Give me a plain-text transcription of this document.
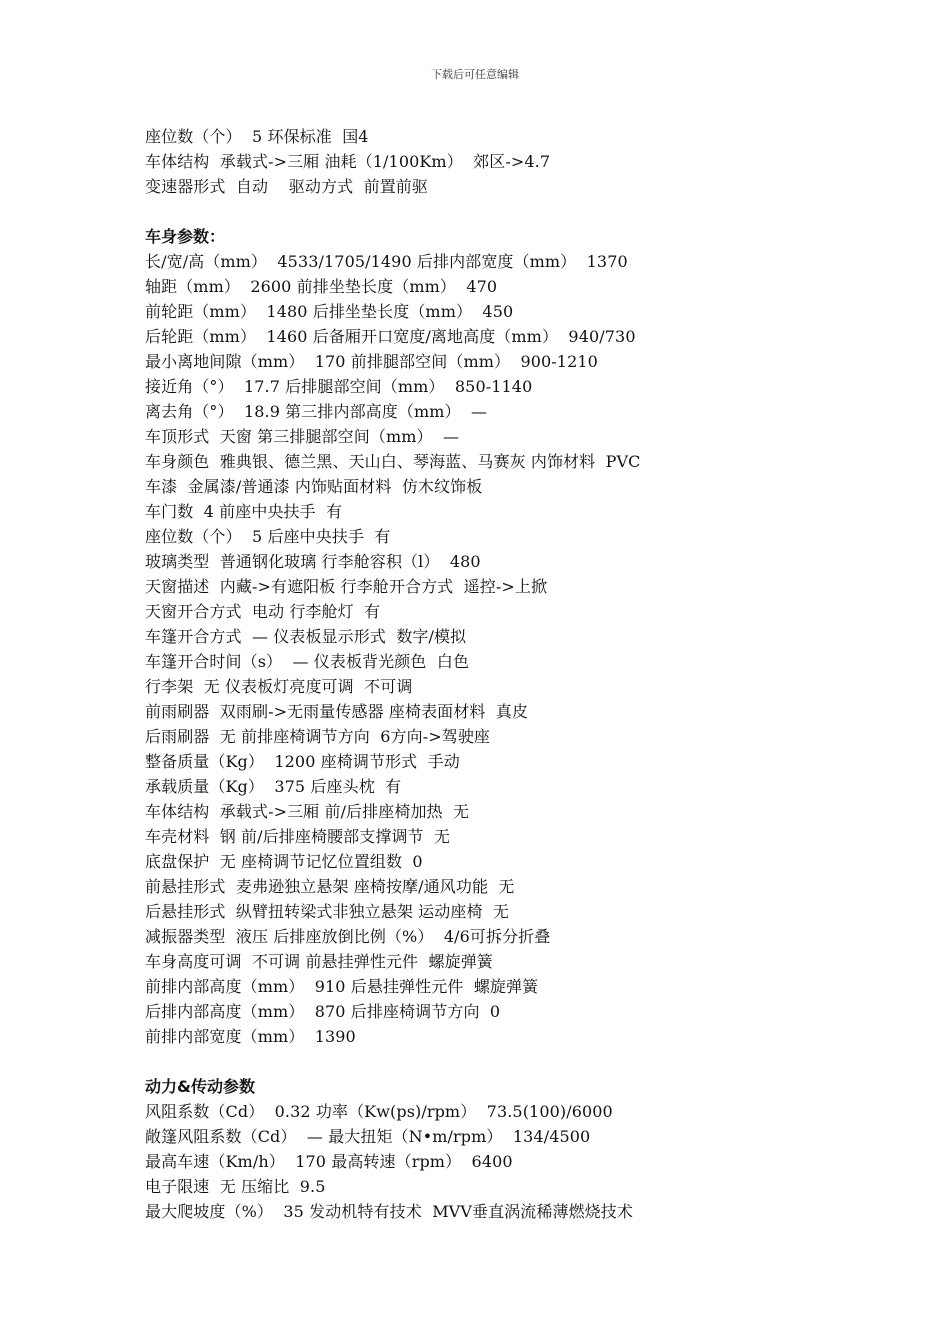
下载后可任意编辑
座位数（个）  5 环保标准  国4
车体结构  承载式->三厢 油耗（1/100Km）  郊区->4.7
变速器形式  自动    驱动方式  前置前驱
车身参数：
长/宽/高（mm）  4533/1705/1490 后排内部宽度（mm）  1370
轴距（mm）  2600 前排坐垫长度（mm）  470
前轮距（mm）  1480 后排坐垫长度（mm）  450
后轮距（mm）  1460 后备厢开口宽度/离地高度（mm）  940/730
最小离地间隙（mm）  170 前排腿部空间（mm）  900-1210
接近角（°）  17.7 后排腿部空间（mm）  850-1140
离去角（°）  18.9 第三排内部高度（mm）  —
车顶形式  天窗 第三排腿部空间（mm）  —
车身颜色  雅典银、德兰黑、天山白、琴海蓝、马赛灰 内饰材料  PVC
车漆  金属漆/普通漆 内饰贴面材料  仿木纹饰板
车门数  4 前座中央扶手  有
座位数（个）  5 后座中央扶手  有
玻璃类型  普通钢化玻璃 行李舱容积（l）  480
天窗描述  内藏->有遮阳板 行李舱开合方式  遥控->上掀
天窗开合方式  电动 行李舱灯  有
车篷开合方式  — 仪表板显示形式  数字/模拟
车篷开合时间（s）  — 仪表板背光颜色  白色
行李架  无 仪表板灯亮度可调  不可调
前雨刷器  双雨刷->无雨量传感器 座椅表面材料  真皮
后雨刷器  无 前排座椅调节方向  6方向->驾驶座
整备质量（Kg）  1200 座椅调节形式  手动
承载质量（Kg）  375 后座头枕  有
车体结构  承载式->三厢 前/后排座椅加热  无
车壳材料  钢 前/后排座椅腰部支撑调节  无
底盘保护  无 座椅调节记忆位置组数  0
前悬挂形式  麦弗逊独立悬架 座椅按摩/通风功能  无
后悬挂形式  纵臂扭转梁式非独立悬架 运动座椅  无
减振器类型  液压 后排座放倒比例（%）  4/6可拆分折叠
车身高度可调  不可调 前悬挂弹性元件  螺旋弹簧
前排内部高度（mm）  910 后悬挂弹性元件  螺旋弹簧
后排内部高度（mm）  870 后排座椅调节方向  0
前排内部宽度（mm）  1390
动力&传动参数
风阻系数（Cd）  0.32 功率（Kw(ps)/rpm）  73.5(100)/6000
敞篷风阻系数（Cd）  — 最大扭矩（N•m/rpm）  134/4500
最高车速（Km/h）  170 最高转速（rpm）  6400
电子限速  无 压缩比  9.5
最大爬坡度（%）  35 发动机特有技术  MVV垂直涡流稀薄燃烧技术
